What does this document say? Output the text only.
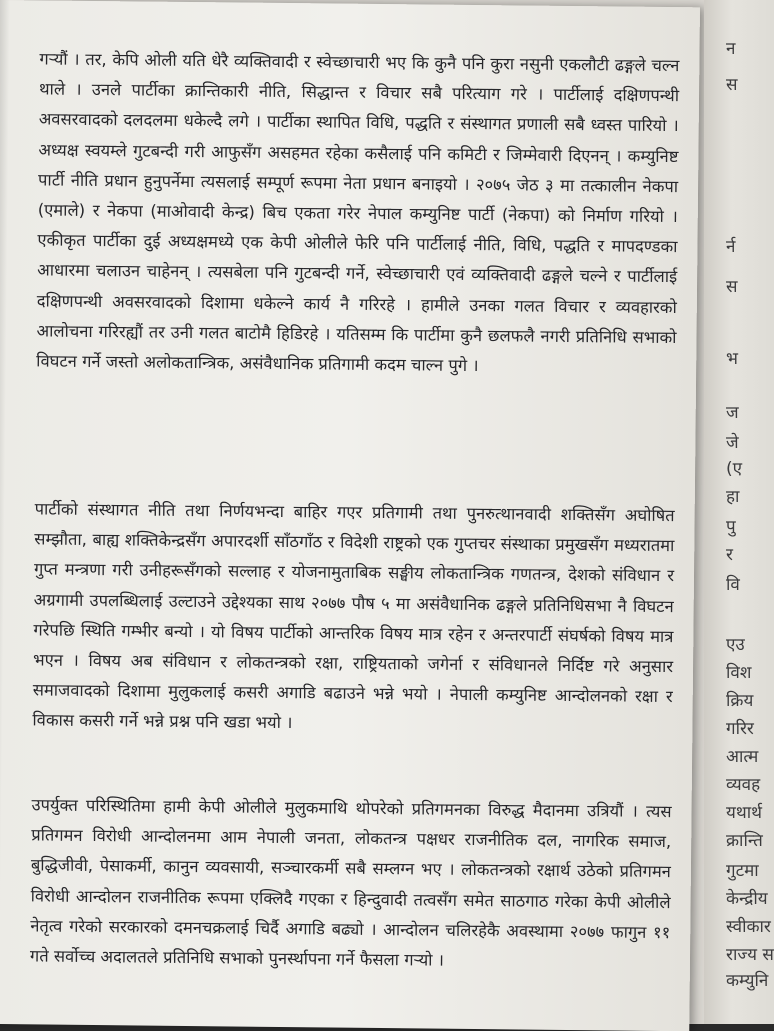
गऱ्यौं । तर, केपि ओली यति धेरै व्यक्तिवादी र स्वेच्छाचारी भए कि कुनै पनि कुरा नसुनी एकलौटी ढङ्गले चल्न थाले । उनले पार्टीका क्रान्तिकारी नीति, सिद्धान्त र विचार सबै परित्याग गरे । पार्टीलाई दक्षिणपन्थी अवसरवादको दलदलमा धकेल्दै लगे । पार्टीका स्थापित विधि, पद्धति र संस्थागत प्रणाली सबै ध्वस्त पारियो । अध्यक्ष स्वयम्ले गुटबन्दी गरी आफुसँग असहमत रहेका कसैलाई पनि कमिटी र जिम्मेवारी दिएनन् । कम्युनिष्ट पार्टी नीति प्रधान हुनुपर्नेमा त्यसलाई सम्पूर्ण रूपमा नेता प्रधान बनाइयो । २०७५ जेठ ३ मा तत्कालीन नेकपा (एमाले) र नेकपा (माओवादी केन्द्र) बिच एकता गरेर नेपाल कम्युनिष्ट पार्टी (नेकपा) को निर्माण गरियो । एकीकृत पार्टीका दुई अध्यक्षमध्ये एक केपी ओलीले फेरि पनि पार्टीलाई नीति, विधि, पद्धति र मापदण्डका आधारमा चलाउन चाहेनन् । त्यसबेला पनि गुटबन्दी गर्ने, स्वेच्छाचारी एवं व्यक्तिवादी ढङ्गले चल्ने र पार्टीलाई दक्षिणपन्थी अवसरवादको दिशामा धकेल्ने कार्य नै गरिरहे । हामीले उनका गलत विचार र व्यवहारको आलोचना गरिरह्यौं तर उनी गलत बाटोमै हिडिरहे । यतिसम्म कि पार्टीमा कुनै छलफलै नगरी प्रतिनिधि सभाको विघटन गर्ने जस्तो अलोकतान्त्रिक, असंवैधानिक प्रतिगामी कदम चाल्न पुगे ।

पार्टीको संस्थागत नीति तथा निर्णयभन्दा बाहिर गएर प्रतिगामी तथा पुनरुत्थानवादी शक्तिसँग अघोषित सम्झौता, बाह्य शक्तिकेन्द्रसँग अपारदर्शी साँठगाँठ र विदेशी राष्ट्रको एक गुप्तचर संस्थाका प्रमुखसँग मध्यरातमा गुप्त मन्त्रणा गरी उनीहरूसँगको सल्लाह र योजनामुताबिक सङ्घीय लोकतान्त्रिक गणतन्त्र, देशको संविधान र अग्रगामी उपलब्धिलाई उल्टाउने उद्देश्यका साथ २०७७ पौष ५ मा असंवैधानिक ढङ्गले प्रतिनिधिसभा नै विघटन गरेपछि स्थिति गम्भीर बन्यो । यो विषय पार्टीको आन्तरिक विषय मात्र रहेन र अन्तरपार्टी संघर्षको विषय मात्र भएन । विषय अब संविधान र लोकतन्त्रको रक्षा, राष्ट्रियताको जगेर्ना र संविधानले निर्दिष्ट गरे अनुसार समाजवादको दिशामा मुलुकलाई कसरी अगाडि बढाउने भन्ने भयो । नेपाली कम्युनिष्ट आन्दोलनको रक्षा र विकास कसरी गर्ने भन्ने प्रश्न पनि खडा भयो ।

उपर्युक्त परिस्थितिमा हामी केपी ओलीले मुलुकमाथि थोपरेको प्रतिगमनका विरुद्ध मैदानमा उत्रियौं । त्यस प्रतिगमन विरोधी आन्दोलनमा आम नेपाली जनता, लोकतन्त्र पक्षधर राजनीतिक दल, नागरिक समाज, बुद्धिजीवी, पेसाकर्मी, कानुन व्यवसायी, सञ्चारकर्मी सबै सम्लग्न भए । लोकतन्त्रको रक्षार्थ उठेको प्रतिगमन विरोधी आन्दोलन राजनीतिक रूपमा एक्लिदै गएका र हिन्दुवादी तत्वसँग समेत साठगाठ गरेका केपी ओलीले नेतृत्व गरेको सरकारको दमनचक्रलाई चिर्दै अगाडि बढ्यो । आन्दोलन चलिरहेकै अवस्थामा २०७७ फागुन ११ गते सर्वोच्च अदालतले प्रतिनिधि सभाको पुनर्स्थापना गर्ने फैसला गऱ्यो ।

न
स
र्न
स
भ
ज
जे
(ए
हा
पु
र
वि
एउ
विश
क्रिय
गरिर
आत्म
व्यवह
यथार्थ
क्रान्ति
गुटमा
केन्द्रीय
स्वीकार
राज्य स
कम्युनि
